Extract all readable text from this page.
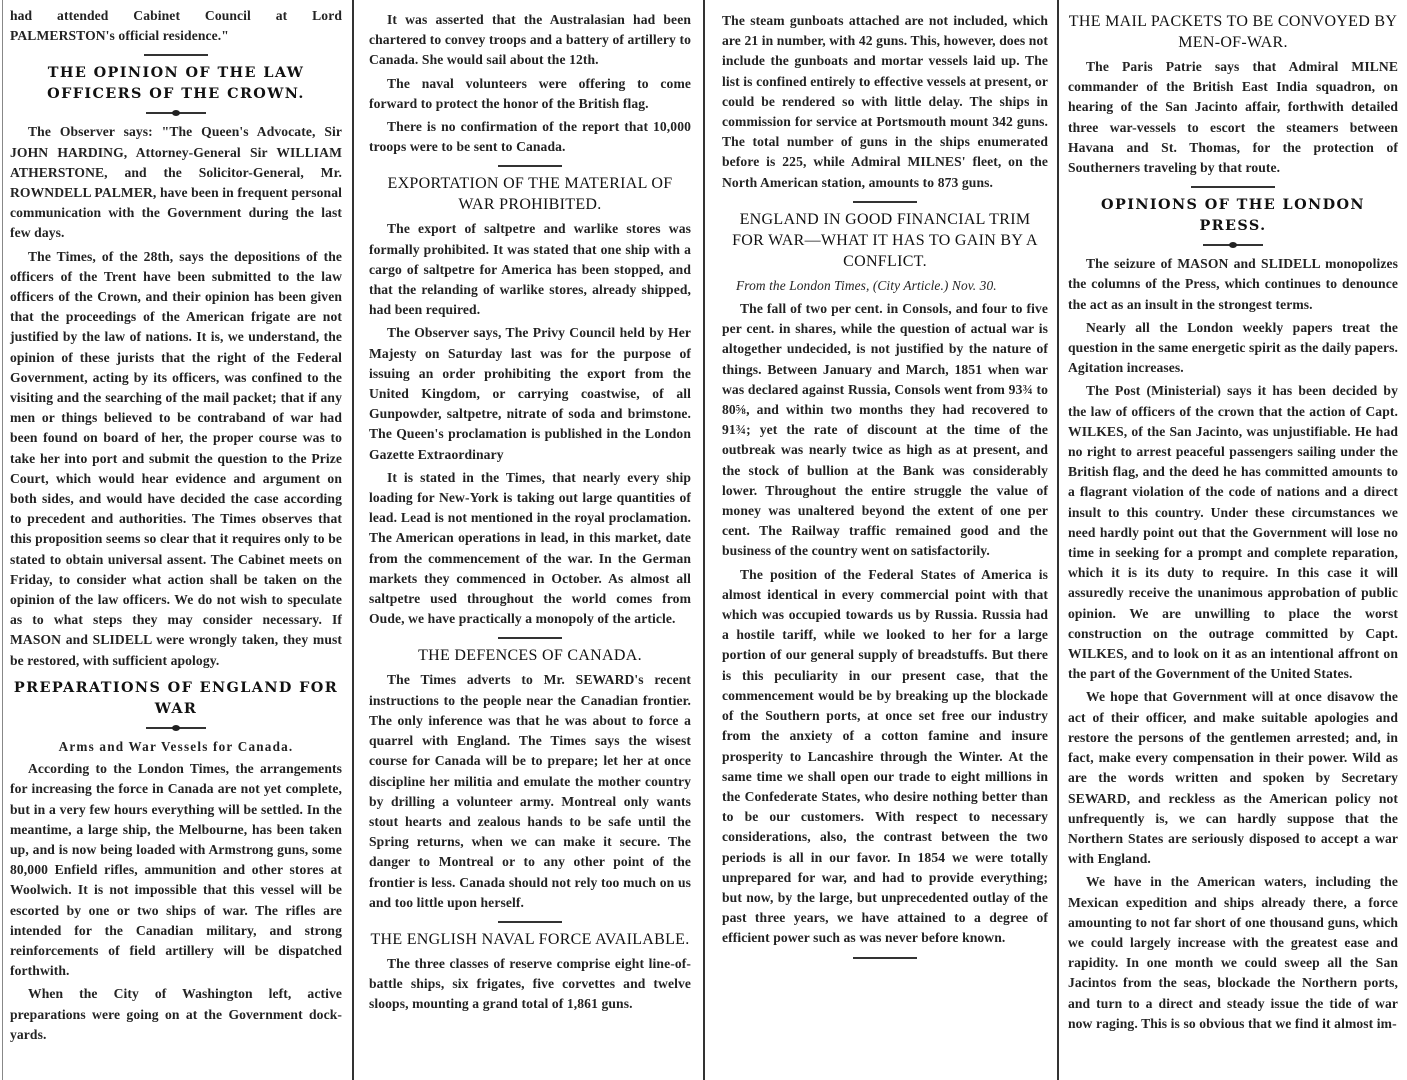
had attended Cabinet Council at Lord PALMERSTON's official residence."

THE OPINION OF THE LAW OFFICERS OF THE CROWN.

The Observer says: "The Queen's Advocate, Sir JOHN HARDING, Attorney-General Sir WILLIAM ATHERSTONE, and the Solicitor-General, Mr. ROWNDELL PALMER, have been in frequent personal communication with the Government during the last few days.

The Times, of the 28th, says the depositions of the officers of the Trent have been submitted to the law officers of the Crown, and their opinion has been given that the proceedings of the American frigate are not justified by the law of nations. It is, we understand, the opinion of these jurists that the right of the Federal Government, acting by its officers, was confined to the visiting and the searching of the mail packet; that if any men or things believed to be contraband of war had been found on board of her, the proper course was to take her into port and submit the question to the Prize Court, which would hear evidence and argument on both sides, and would have decided the case according to precedent and authorities. The Times observes that this proposition seems so clear that it requires only to be stated to obtain universal assent. The Cabinet meets on Friday, to consider what action shall be taken on the opinion of the law officers. We do not wish to speculate as to what steps they may consider necessary. If MASON and SLIDELL were wrongly taken, they must be restored, with sufficient apology.

PREPARATIONS OF ENGLAND FOR WAR
Arms and War Vessels for Canada.

According to the London Times, the arrangements for increasing the force in Canada are not yet complete, but in a very few hours everything will be settled. In the meantime, a large ship, the Melbourne, has been taken up, and is now being loaded with Armstrong guns, some 80,000 Enfield rifles, ammunition and other stores at Woolwich. It is not impossible that this vessel will be escorted by one or two ships of war. The rifles are intended for the Canadian military, and strong reinforcements of field artillery will be dispatched forthwith.

When the City of Washington left, active preparations were going on at the Government dock-yards.

It was asserted that the Australasian had been chartered to convey troops and a battery of artillery to Canada. She would sail about the 12th.

The naval volunteers were offering to come forward to protect the honor of the British flag.

There is no confirmation of the report that 10,000 troops were to be sent to Canada.

EXPORTATION OF THE MATERIAL OF WAR PROHIBITED.

The export of saltpetre and warlike stores was formally prohibited. It was stated that one ship with a cargo of saltpetre for America has been stopped, and that the relanding of warlike stores, already shipped, had been required.

The Observer says, The Privy Council held by Her Majesty on Saturday last was for the purpose of issuing an order prohibiting the export from the United Kingdom, or carrying coastwise, of all Gunpowder, saltpetre, nitrate of soda and brimstone. The Queen's proclamation is published in the London Gazette Extraordinary

It is stated in the Times, that nearly every ship loading for New-York is taking out large quantities of lead. Lead is not mentioned in the royal proclamation. The American operations in lead, in this market, date from the commencement of the war. In the German markets they commenced in October. As almost all saltpetre used throughout the world comes from Oude, we have practically a monopoly of the article.

THE DEFENCES OF CANADA.

The Times adverts to Mr. SEWARD's recent instructions to the people near the Canadian frontier. The only inference was that he was about to force a quarrel with England. The Times says the wisest course for Canada will be to prepare; let her at once discipline her militia and emulate the mother country by drilling a volunteer army. Montreal only wants stout hearts and zealous hands to be safe until the Spring returns, when we can make it secure. The danger to Montreal or to any other point of the frontier is less. Canada should not rely too much on us and too little upon herself.

THE ENGLISH NAVAL FORCE AVAILABLE.

The three classes of reserve comprise eight line-of-battle ships, six frigates, five corvettes and twelve sloops, mounting a grand total of 1,861 guns.

The steam gunboats attached are not included, which are 21 in number, with 42 guns. This, however, does not include the gunboats and mortar vessels laid up. The list is confined entirely to effective vessels at present, or could be rendered so with little delay. The ships in commission for service at Portsmouth mount 342 guns. The total number of guns in the ships enumerated before is 225, while Admiral MILNES' fleet, on the North American station, amounts to 873 guns.

ENGLAND IN GOOD FINANCIAL TRIM FOR WAR—WHAT IT HAS TO GAIN BY A CONFLICT.

From the London Times, (City Article.) Nov. 30.

The fall of two per cent. in Consols, and four to five per cent. in shares, while the question of actual war is altogether undecided, is not justified by the nature of things. Between January and March, 1851 when war was declared against Russia, Consols went from 93¾ to 80⅝, and within two months they had recovered to 91¾; yet the rate of discount at the time of the outbreak was nearly twice as high as at present, and the stock of bullion at the Bank was considerably lower. Throughout the entire struggle the value of money was unaltered beyond the extent of one per cent. The Railway traffic remained good and the business of the country went on satisfactorily.

The position of the Federal States of America is almost identical in every commercial point with that which was occupied towards us by Russia. Russia had a hostile tariff, while we looked to her for a large portion of our general supply of breadstuffs. But there is this peculiarity in our present case, that the commencement would be by breaking up the blockade of the Southern ports, at once set free our industry from the anxiety of a cotton famine and insure prosperity to Lancashire through the Winter. At the same time we shall open our trade to eight millions in the Confederate States, who desire nothing better than to be our customers. With respect to necessary considerations, also, the contrast between the two periods is all in our favor. In 1854 we were totally unprepared for war, and had to provide everything; but now, by the large, but unprecedented outlay of the past three years, we have attained to a degree of efficient power such as was never before known.

THE MAIL PACKETS TO BE CONVOYED BY MEN-OF-WAR.

The Paris Patrie says that Admiral MILNE commander of the British East India squadron, on hearing of the San Jacinto affair, forthwith detailed three war-vessels to escort the steamers between Havana and St. Thomas, for the protection of Southerners traveling by that route.

OPINIONS OF THE LONDON PRESS.

The seizure of MASON and SLIDELL monopolizes the columns of the Press, which continues to denounce the act as an insult in the strongest terms.

Nearly all the London weekly papers treat the question in the same energetic spirit as the daily papers. Agitation increases.

The Post (Ministerial) says it has been decided by the law of officers of the crown that the action of Capt. WILKES, of the San Jacinto, was unjustifiable. He had no right to arrest peaceful passengers sailing under the British flag, and the deed he has committed amounts to a flagrant violation of the code of nations and a direct insult to this country. Under these circumstances we need hardly point out that the Government will lose no time in seeking for a prompt and complete reparation, which it is its duty to require. In this case it will assuredly receive the unanimous approbation of public opinion. We are unwilling to place the worst construction on the outrage committed by Capt. WILKES, and to look on it as an intentional affront on the part of the Government of the United States.

We hope that Government will at once disavow the act of their officer, and make suitable apologies and restore the persons of the gentlemen arrested; and, in fact, make every compensation in their power. Wild as are the words written and spoken by Secretary SEWARD, and reckless as the American policy not unfrequently is, we can hardly suppose that the Northern States are seriously disposed to accept a war with England.

We have in the American waters, including the Mexican expedition and ships already there, a force amounting to not far short of one thousand guns, which we could largely increase with the greatest ease and rapidity. In one month we could sweep all the San Jacintos from the seas, blockade the Northern ports, and turn to a direct and steady issue the tide of war now raging. This is so obvious that we find it almost im-
